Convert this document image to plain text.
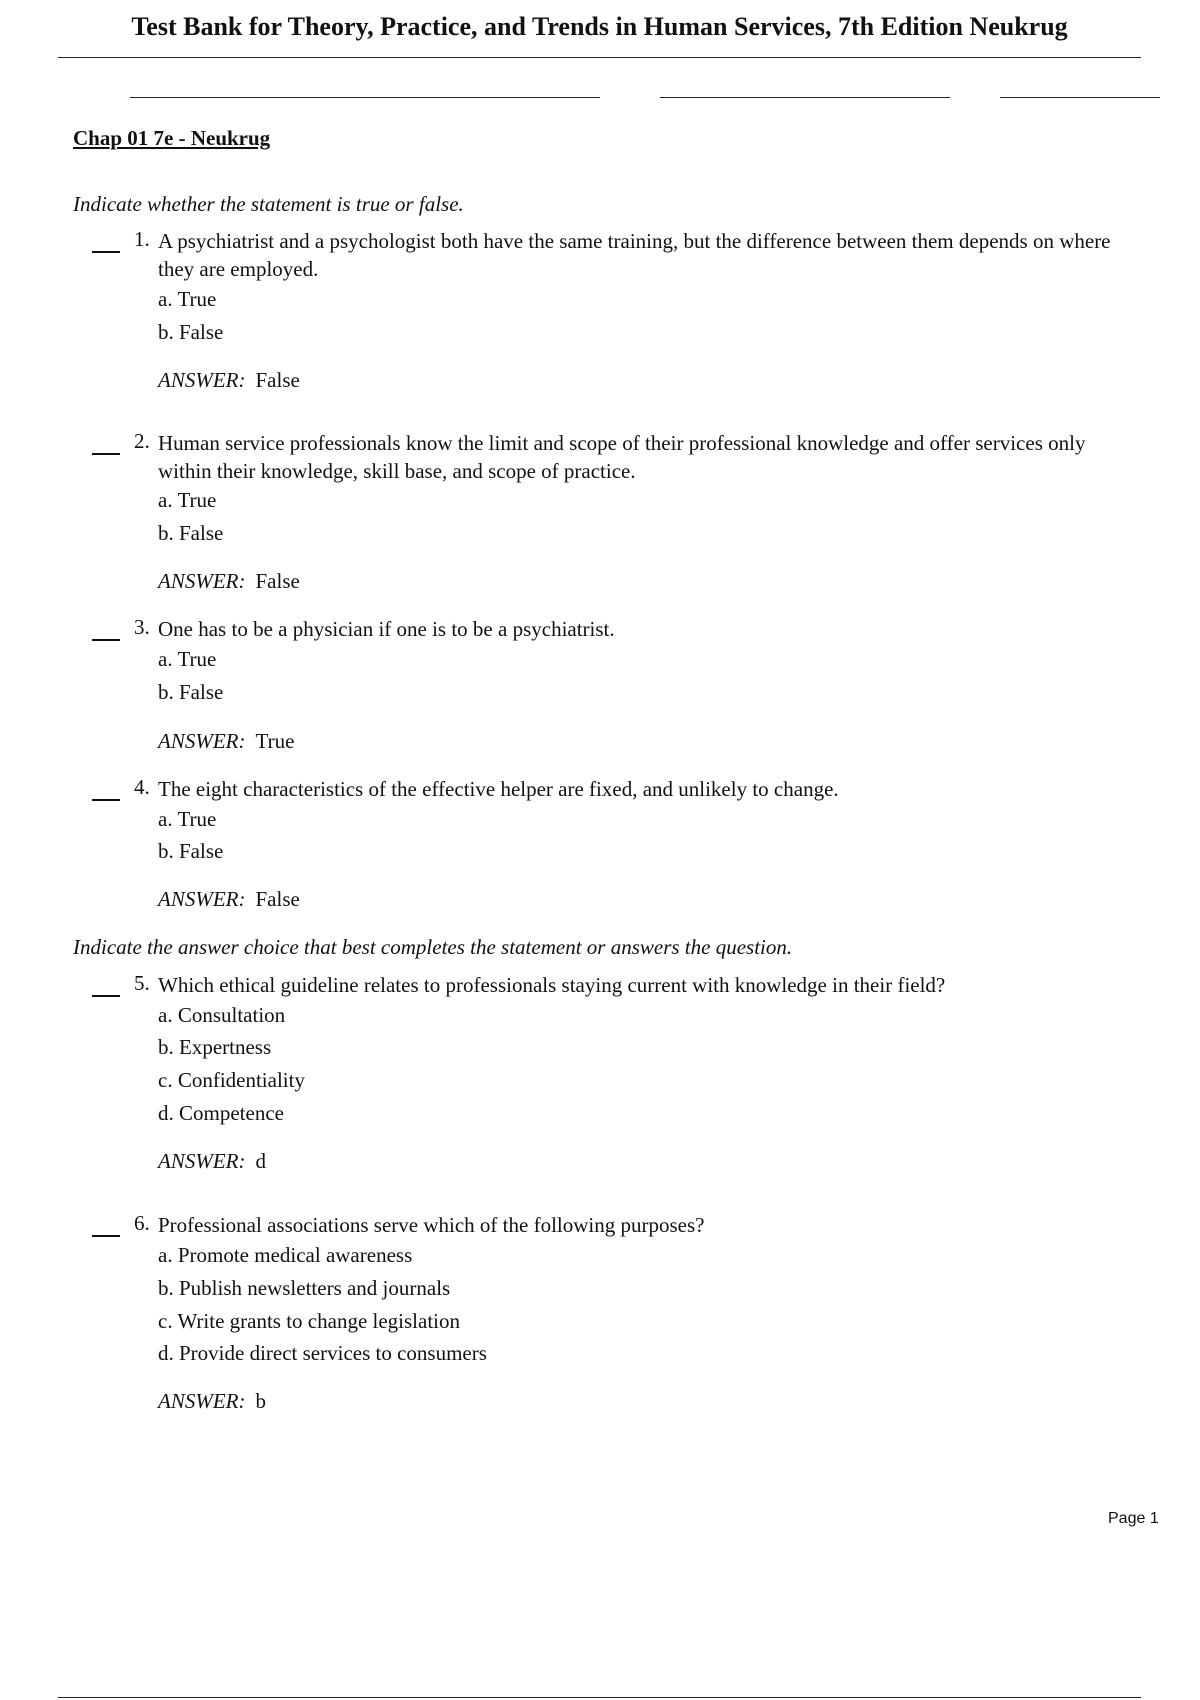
Test Bank for Theory, Practice, and Trends in Human Services, 7th Edition Neukrug
Chap 01 7e - Neukrug
Indicate whether the statement is true or false.
1. A psychiatrist and a psychologist both have the same training, but the difference between them depends on where they are employed.
a. True
b. False
ANSWER: False
2. Human service professionals know the limit and scope of their professional knowledge and offer services only within their knowledge, skill base, and scope of practice.
a. True
b. False
ANSWER: False
3. One has to be a physician if one is to be a psychiatrist.
a. True
b. False
ANSWER: True
4. The eight characteristics of the effective helper are fixed, and unlikely to change.
a. True
b. False
ANSWER: False
Indicate the answer choice that best completes the statement or answers the question.
5. Which ethical guideline relates to professionals staying current with knowledge in their field?
a. Consultation
b. Expertness
c. Confidentiality
d. Competence
ANSWER: d
6. Professional associations serve which of the following purposes?
a. Promote medical awareness
b. Publish newsletters and journals
c. Write grants to change legislation
d. Provide direct services to consumers
ANSWER: b
Page 1
